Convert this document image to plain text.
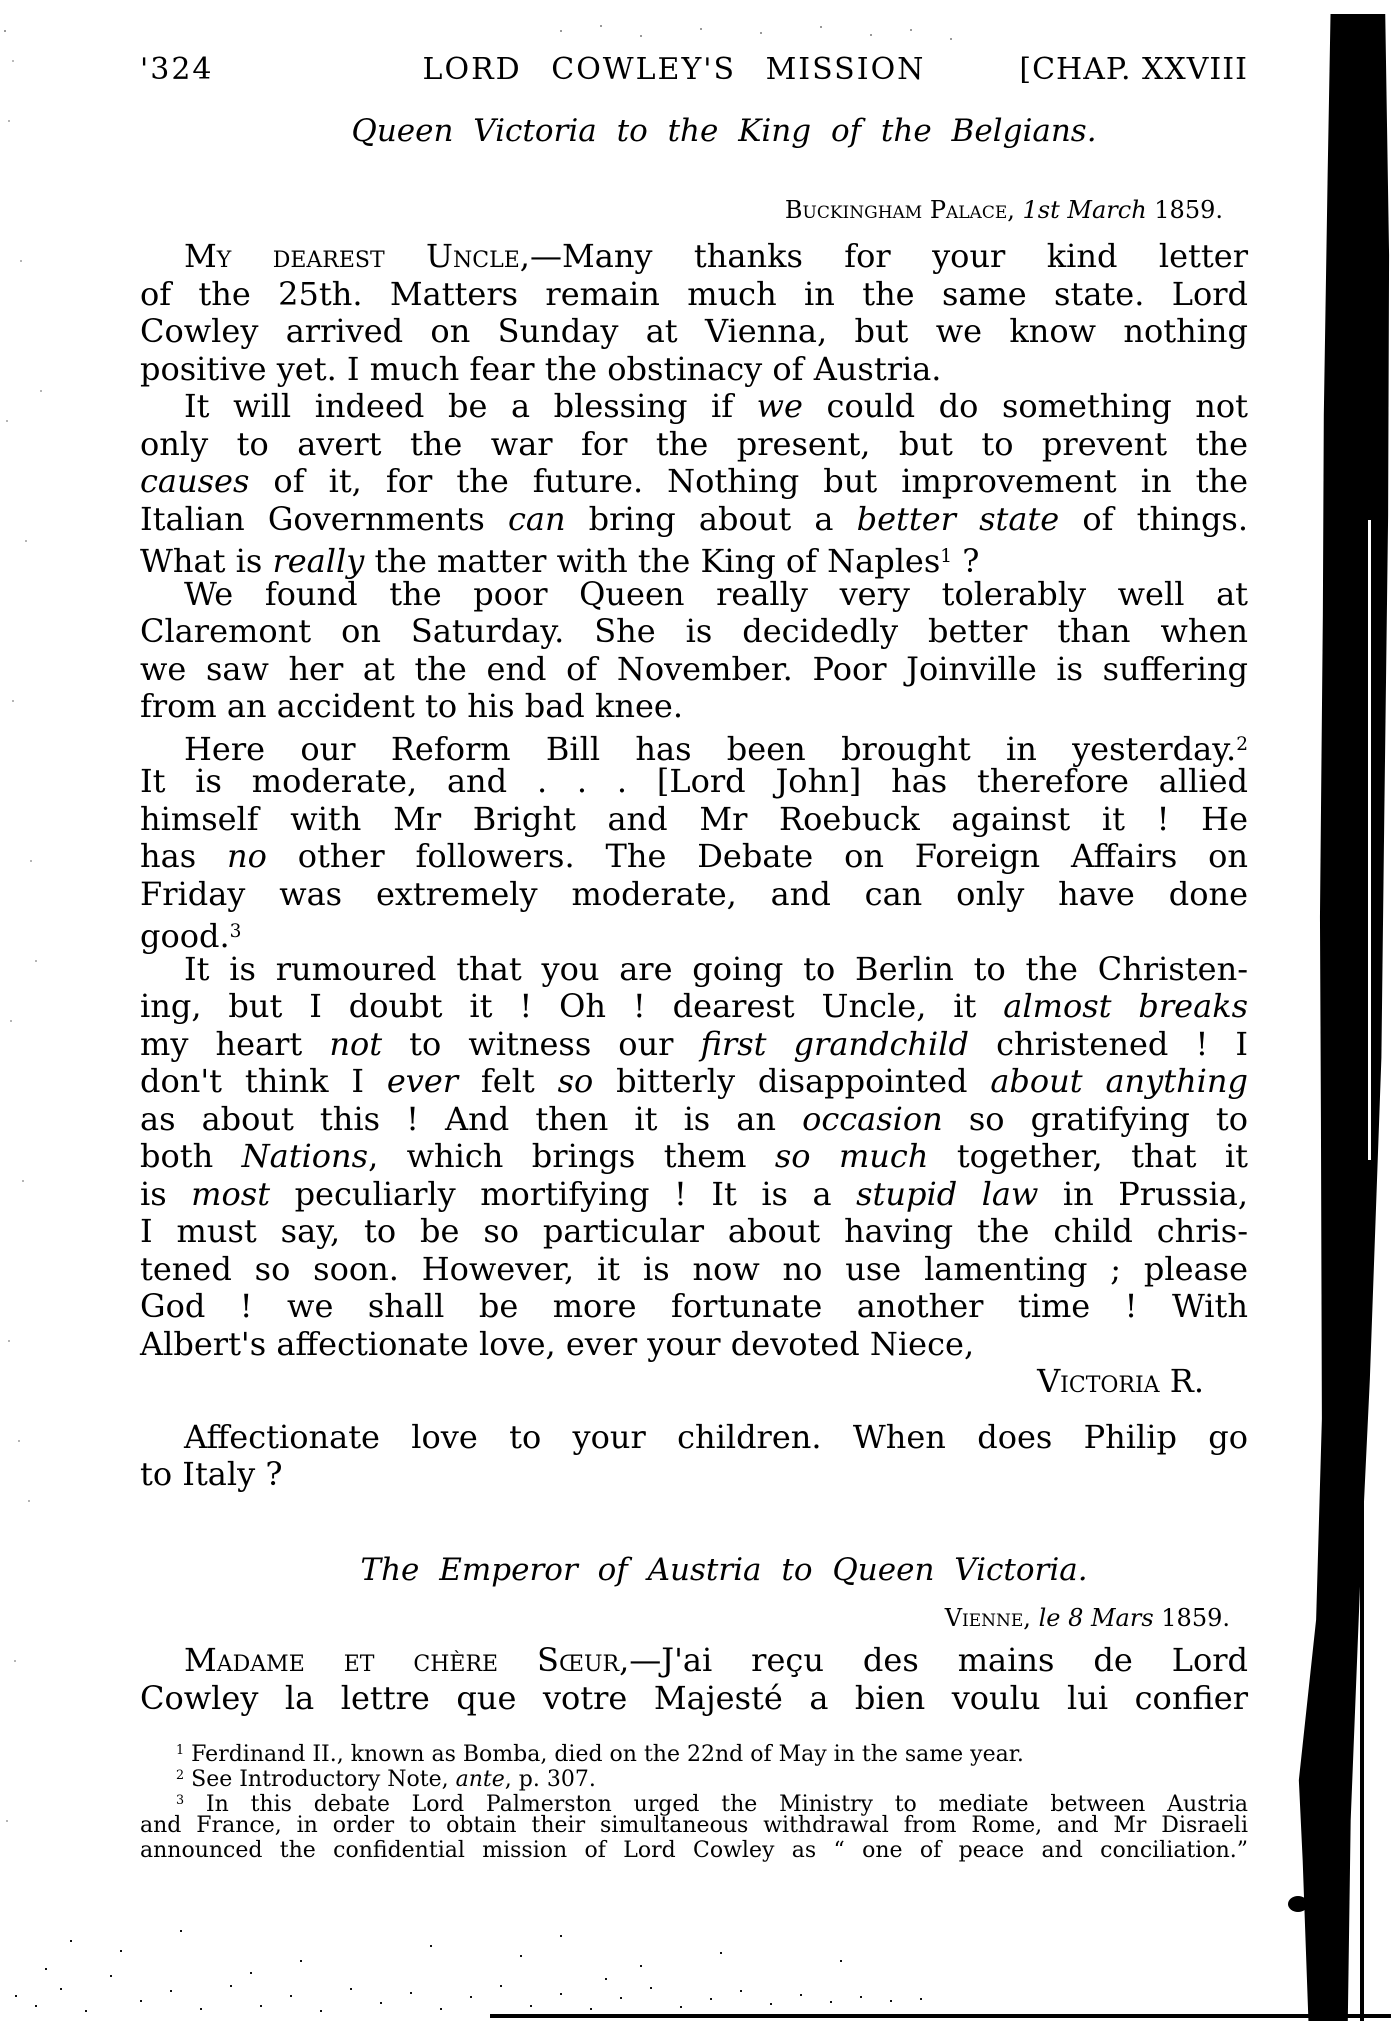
'324	LORD COWLEY'S MISSION	[CHAP. XXVIII
Queen Victoria to the King of the Belgians.
Buckingham Palace, 1st March 1859.
My dearest Uncle,—Many thanks for your kind letter
of the 25th. Matters remain much in the same state. Lord
Cowley arrived on Sunday at Vienna, but we know nothing
positive yet. I much fear the obstinacy of Austria.
It will indeed be a blessing if we could do something not
only to avert the war for the present, but to prevent the
causes of it, for the future. Nothing but improvement in the
Italian Governments can bring about a better state of things.
What is really the matter with the King of Naples$^1$ ?
We found the poor Queen really very tolerably well at
Claremont on Saturday. She is decidedly better than when
we saw her at the end of November. Poor Joinville is suffering
from an accident to his bad knee.
Here our Reform Bill has been brought in yesterday.$^2$
It is moderate, and . . . [Lord John] has therefore allied
himself with Mr Bright and Mr Roebuck against it ! He
has no other followers. The Debate on Foreign Affairs on
Friday was extremely moderate, and can only have done
good.$^3$
It is rumoured that you are going to Berlin to the Christen-
ing, but I doubt it ! Oh ! dearest Uncle, it almost breaks
my heart not to witness our first grandchild christened ! I
don't think I ever felt so bitterly disappointed about anything
as about this ! And then it is an occasion so gratifying to
both Nations, which brings them so much together, that it
is most peculiarly mortifying ! It is a stupid law in Prussia,
I must say, to be so particular about having the child chris-
tened so soon. However, it is now no use lamenting ; please
God ! we shall be more fortunate another time ! With
Albert's affectionate love, ever your devoted Niece,
Victoria R.
Affectionate love to your children. When does Philip go
to Italy ?
The Emperor of Austria to Queen Victoria.
Vienne, le 8 Mars 1859.
Madame et chère Sœur,—J'ai reçu des mains de Lord
Cowley la lettre que votre Majesté a bien voulu lui confier
$^1$ Ferdinand II., known as Bomba, died on the 22nd of May in the same year.
$^2$ See Introductory Note, ante, p. 307.
$^3$ In this debate Lord Palmerston urged the Ministry to mediate between Austria
and France, in order to obtain their simultaneous withdrawal from Rome, and Mr Disraeli
announced the confidential mission of Lord Cowley as “ one of peace and conciliation.”
